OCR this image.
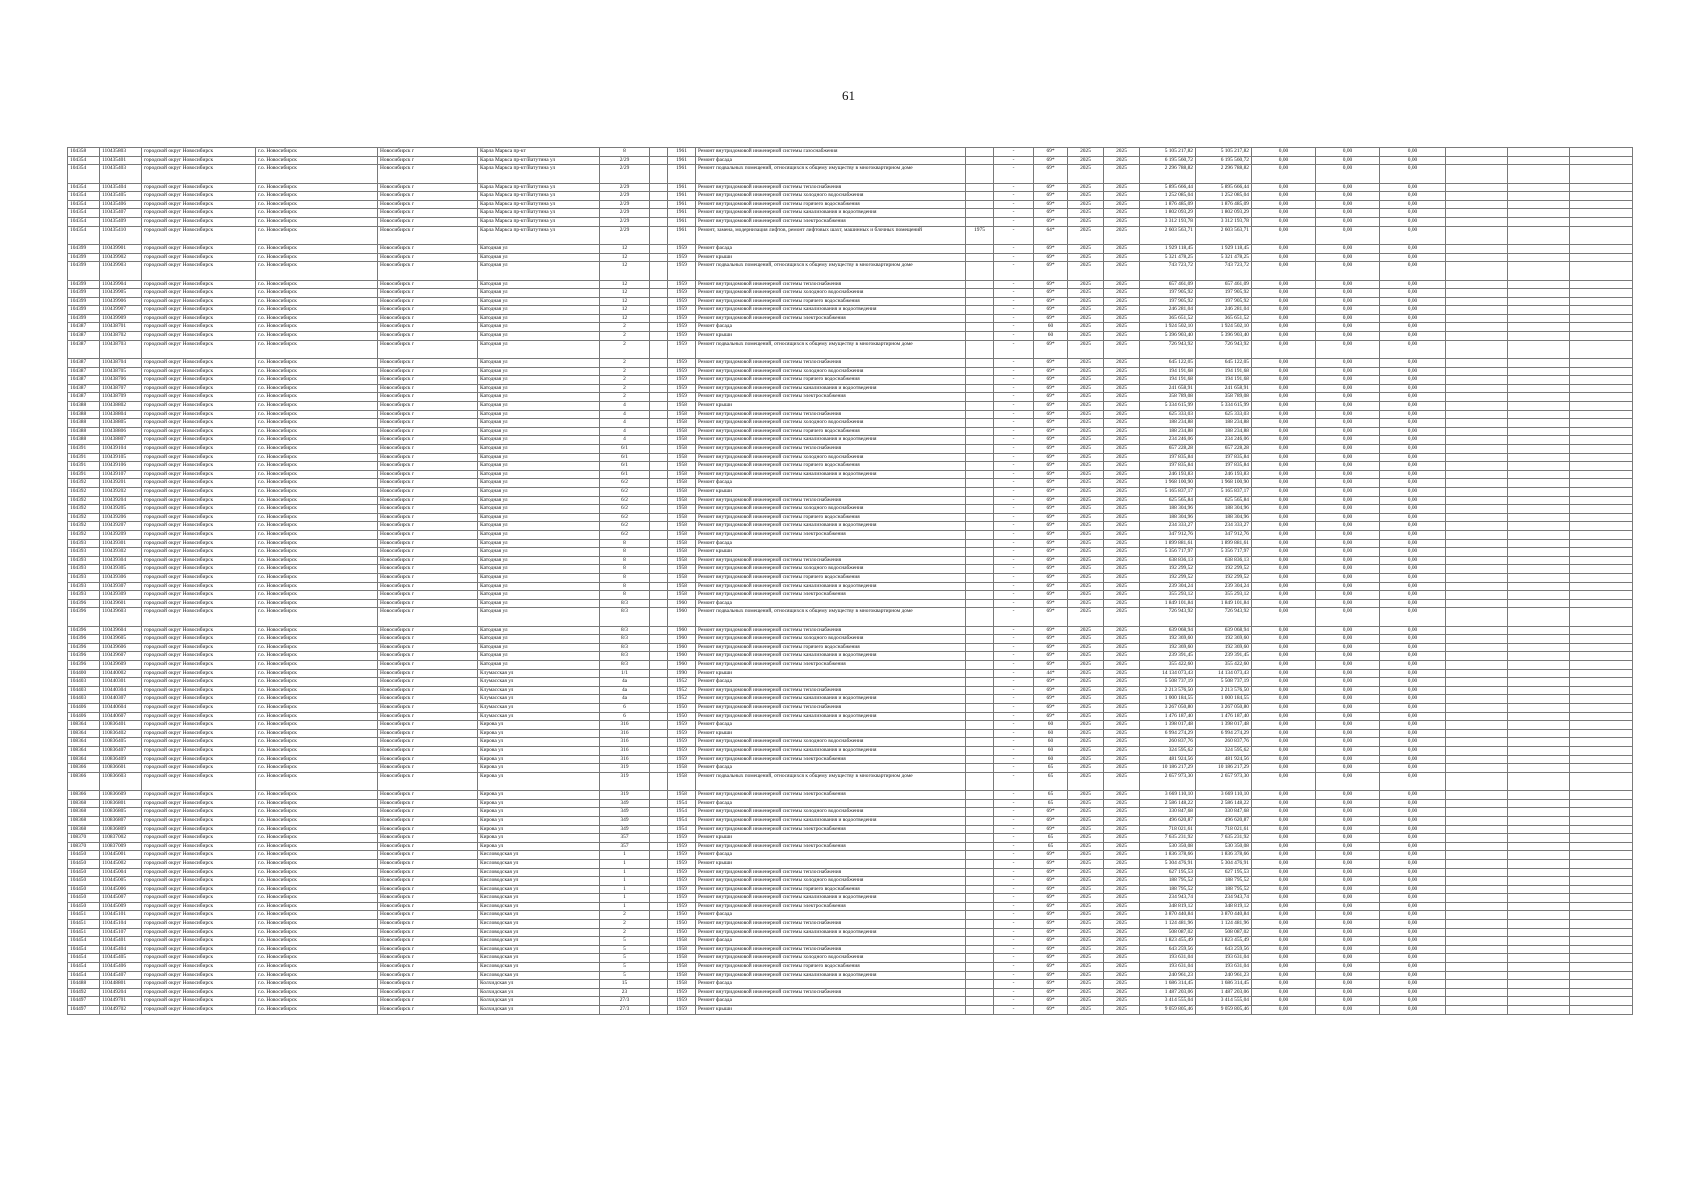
61
104358	110435803	городской округ Новосибирск	г.о. Новосибирск	Новосибирск г	Карла Маркса пр-кт	8		1961	Ремонт внутридомовой инженерной системы газоснабжения		-	69*	2025	2025	5 105 217,82	5 105 217,82	0,00	0,00	0,00			
104354	110435401	городской округ Новосибирск	г.о. Новосибирск	Новосибирск г	Карла Маркса пр-кт/Ватутина ул	2/29		1961	Ремонт фасада		-	69*	2025	2025	6 195 560,72	6 195 560,72	0,00	0,00	0,00			
104354	110435403	городской округ Новосибирск	г.о. Новосибирск	Новосибирск г	Карла Маркса пр-кт/Ватутина ул	2/29		1961	Ремонт подвальных помещений, относящихся к общему имуществу в многоквартирном доме		-	69*	2025	2025	2 296 788,82	2 296 788,82	0,00	0,00	0,00			
104354	110435404	городской округ Новосибирск	г.о. Новосибирск	Новосибирск г	Карла Маркса пр-кт/Ватутина ул	2/29		1961	Ремонт внутридомовой инженерной системы теплоснабжения		-	69*	2025	2025	5 895 666,44	5 895 666,44	0,00	0,00	0,00			
104354	110435405	городской округ Новосибирск	г.о. Новосибирск	Новосибирск г	Карла Маркса пр-кт/Ватутина ул	2/29		1961	Ремонт внутридомовой инженерной системы холодного водоснабжения		-	69*	2025	2025	1 252 085,04	1 252 085,04	0,00	0,00	0,00			
104354	110435406	городской округ Новосибирск	г.о. Новосибирск	Новосибирск г	Карла Маркса пр-кт/Ватутина ул	2/29		1961	Ремонт внутридомовой инженерной системы горячего водоснабжения		-	69*	2025	2025	1 876 485,09	1 876 485,09	0,00	0,00	0,00			
104354	110435407	городской округ Новосибирск	г.о. Новосибирск	Новосибирск г	Карла Маркса пр-кт/Ватутина ул	2/29		1961	Ремонт внутридомовой инженерной системы канализования и водоотведения		-	69*	2025	2025	1 802 093,29	1 802 093,29	0,00	0,00	0,00			
104354	110435409	городской округ Новосибирск	г.о. Новосибирск	Новосибирск г	Карла Маркса пр-кт/Ватутина ул	2/29		1961	Ремонт внутридомовой инженерной системы электроснабжения		-	69*	2025	2025	3 312 193,78	3 312 193,78	0,00	0,00	0,00			
104354	110435410	городской округ Новосибирск	г.о. Новосибирск	Новосибирск г	Карла Маркса пр-кт/Ватутина ул	2/29		1961	Ремонт, замена, модернизация лифтов, ремонт лифтовых шахт, машинных и блочных помещений	1975	-	64*	2025	2025	2 603 563,71	2 603 563,71	0,00	0,00	0,00			
104399	110439901	городской округ Новосибирск	г.о. Новосибирск	Новосибирск г	Катодная ул	12		1959	Ремонт фасада		-	69*	2025	2025	1 929 118,45	1 929 118,45	0,00	0,00	0,00			
104399	110439902	городской округ Новосибирск	г.о. Новосибирск	Новосибирск г	Катодная ул	12		1959	Ремонт крыши		-	69*	2025	2025	5 321 478,25	5 321 478,25	0,00	0,00	0,00			
104399	110439903	городской округ Новосибирск	г.о. Новосибирск	Новосибирск г	Катодная ул	12		1959	Ремонт подвальных помещений, относящихся к общему имуществу в многоквартирном доме		-	69*	2025	2025	743 723,72	743 723,72	0,00	0,00	0,00			
104399	110439904	городской округ Новосибирск	г.о. Новосибирск	Новосибирск г	Катодная ул	12		1959	Ремонт внутридомовой инженерной системы теплоснабжения		-	69*	2025	2025	657 461,09	657 461,09	0,00	0,00	0,00			
104399	110439905	городской округ Новосибирск	г.о. Новосибирск	Новосибирск г	Катодная ул	12		1959	Ремонт внутридомовой инженерной системы холодного водоснабжения		-	69*	2025	2025	197 905,92	197 905,92	0,00	0,00	0,00			
104399	110439906	городской округ Новосибирск	г.о. Новосибирск	Новосибирск г	Катодная ул	12		1959	Ремонт внутридомовой инженерной системы горячего водоснабжения		-	69*	2025	2025	197 905,92	197 905,92	0,00	0,00	0,00			
104399	110439907	городской округ Новосибирск	г.о. Новосибирск	Новосибирск г	Катодная ул	12		1959	Ремонт внутридомовой инженерной системы канализования и водоотведения		-	69*	2025	2025	246 281,04	246 281,04	0,00	0,00	0,00			
104399	110439909	городской округ Новосибирск	г.о. Новосибирск	Новосибирск г	Катодная ул	12		1959	Ремонт внутридомовой инженерной системы электроснабжения		-	69*	2025	2025	365 651,52	365 651,52	0,00	0,00	0,00			
104387	110438701	городской округ Новосибирск	г.о. Новосибирск	Новосибирск г	Катодная ул	2		1959	Ремонт фасада		-	60	2025	2025	1 924 502,10	1 924 502,10	0,00	0,00	0,00			
104387	110438702	городской округ Новосибирск	г.о. Новосибирск	Новосибирск г	Катодная ул	2		1959	Ремонт крыши		-	60	2025	2025	5 396 903,40	5 396 903,40	0,00	0,00	0,00			
104387	110438703	городской округ Новосибирск	г.о. Новосибирск	Новосибирск г	Катодная ул	2		1959	Ремонт подвальных помещений, относящихся к общему имуществу в многоквартирном доме		-	69*	2025	2025	726 943,92	726 943,92	0,00	0,00	0,00			
104387	110438704	городской округ Новосибирск	г.о. Новосибирск	Новосибирск г	Катодная ул	2		1959	Ремонт внутридомовой инженерной системы теплоснабжения		-	69*	2025	2025	645 122,05	645 122,05	0,00	0,00	0,00			
104387	110438705	городской округ Новосибирск	г.о. Новосибирск	Новосибирск г	Катодная ул	2		1959	Ремонт внутридомовой инженерной системы холодного водоснабжения		-	69*	2025	2025	194 191,68	194 191,68	0,00	0,00	0,00			
104387	110438706	городской округ Новосибирск	г.о. Новосибирск	Новосибирск г	Катодная ул	2		1959	Ремонт внутридомовой инженерной системы горячего водоснабжения		-	69*	2025	2025	194 191,68	194 191,68	0,00	0,00	0,00			
104387	110438707	городской округ Новосибирск	г.о. Новосибирск	Новосибирск г	Катодная ул	2		1959	Ремонт внутридомовой инженерной системы канализования и водоотведения		-	69*	2025	2025	241 658,91	241 658,91	0,00	0,00	0,00			
104387	110438709	городской округ Новосибирск	г.о. Новосибирск	Новосибирск г	Катодная ул	2		1959	Ремонт внутридомовой инженерной системы электроснабжения		-	69*	2025	2025	358 789,08	358 789,08	0,00	0,00	0,00			
104388	110438802	городской округ Новосибирск	г.о. Новосибирск	Новосибирск г	Катодная ул	4		1958	Ремонт крыши		-	69*	2025	2025	5 334 615,99	5 334 615,99	0,00	0,00	0,00			
104388	110438804	городской округ Новосибирск	г.о. Новосибирск	Новосибирск г	Катодная ул	4		1958	Ремонт внутридомовой инженерной системы теплоснабжения		-	69*	2025	2025	625 333,03	625 333,03	0,00	0,00	0,00			
104388	110438805	городской округ Новосибирск	г.о. Новосибирск	Новосибирск г	Катодная ул	4		1958	Ремонт внутридомовой инженерной системы холодного водоснабжения		-	69*	2025	2025	188 234,88	188 234,88	0,00	0,00	0,00			
104388	110438806	городской округ Новосибирск	г.о. Новосибирск	Новосибирск г	Катодная ул	4		1958	Ремонт внутридомовой инженерной системы горячего водоснабжения		-	69*	2025	2025	188 234,88	188 234,88	0,00	0,00	0,00			
104388	110438807	городской округ Новосибирск	г.о. Новосибирск	Новосибирск г	Катодная ул	4		1958	Ремонт внутридомовой инженерной системы канализования и водоотведения		-	69*	2025	2025	234 246,06	234 246,06	0,00	0,00	0,00			
104391	110439104	городской округ Новосибирск	г.о. Новосибирск	Новосибирск г	Катодная ул	6/1		1958	Ремонт внутридомовой инженерной системы теплоснабжения		-	69*	2025	2025	657 228,28	657 228,28	0,00	0,00	0,00			
104391	110439105	городской округ Новосибирск	г.о. Новосибирск	Новосибирск г	Катодная ул	6/1		1958	Ремонт внутридомовой инженерной системы холодного водоснабжения		-	69*	2025	2025	197 835,84	197 835,84	0,00	0,00	0,00			
104391	110439106	городской округ Новосибирск	г.о. Новосибирск	Новосибирск г	Катодная ул	6/1		1958	Ремонт внутридомовой инженерной системы горячего водоснабжения		-	69*	2025	2025	197 835,84	197 835,84	0,00	0,00	0,00			
104391	110439107	городской округ Новосибирск	г.о. Новосибирск	Новосибирск г	Катодная ул	6/1		1958	Ремонт внутридомовой инженерной системы канализования и водоотведения		-	69*	2025	2025	246 193,83	246 193,83	0,00	0,00	0,00			
104392	110439201	городской округ Новосибирск	г.о. Новосибирск	Новосибирск г	Катодная ул	6/2		1958	Ремонт фасада		-	69*	2025	2025	1 968 100,90	1 968 100,90	0,00	0,00	0,00			
104392	110439202	городской округ Новосибирск	г.о. Новосибирск	Новосибирск г	Катодная ул	6/2		1958	Ремонт крыши		-	69*	2025	2025	5 165 837,17	5 165 837,17	0,00	0,00	0,00			
104392	110439204	городской округ Новосибирск	г.о. Новосибирск	Новосибирск г	Катодная ул	6/2		1958	Ремонт внутридомовой инженерной системы теплоснабжения		-	69*	2025	2025	625 565,84	625 565,84	0,00	0,00	0,00			
104392	110439205	городской округ Новосибирск	г.о. Новосибирск	Новосибирск г	Катодная ул	6/2		1958	Ремонт внутридомовой инженерной системы холодного водоснабжения		-	69*	2025	2025	188 304,96	188 304,96	0,00	0,00	0,00			
104392	110439206	городской округ Новосибирск	г.о. Новосибирск	Новосибирск г	Катодная ул	6/2		1958	Ремонт внутридомовой инженерной системы горячего водоснабжения		-	69*	2025	2025	188 304,96	188 304,96	0,00	0,00	0,00			
104392	110439207	городской округ Новосибирск	г.о. Новосибирск	Новосибирск г	Катодная ул	6/2		1958	Ремонт внутридомовой инженерной системы канализования и водоотведения		-	69*	2025	2025	234 333,27	234 333,27	0,00	0,00	0,00			
104392	110439209	городской округ Новосибирск	г.о. Новосибирск	Новосибирск г	Катодная ул	6/2		1958	Ремонт внутридомовой инженерной системы электроснабжения		-	69*	2025	2025	347 912,76	347 912,76	0,00	0,00	0,00			
104393	110439301	городской округ Новосибирск	г.о. Новосибирск	Новосибирск г	Катодная ул	8		1958	Ремонт фасада		-	69*	2025	2025	1 899 881,61	1 899 881,61	0,00	0,00	0,00			
104393	110439302	городской округ Новосибирск	г.о. Новосибирск	Новосибирск г	Катодная ул	8		1958	Ремонт крыши		-	69*	2025	2025	5 356 717,97	5 356 717,97	0,00	0,00	0,00			
104393	110439304	городской округ Новосибирск	г.о. Новосибирск	Новосибирск г	Катодная ул	8		1958	Ремонт внутридомовой инженерной системы теплоснабжения		-	69*	2025	2025	638 836,13	638 836,13	0,00	0,00	0,00			
104393	110439305	городской округ Новосибирск	г.о. Новосибирск	Новосибирск г	Катодная ул	8		1958	Ремонт внутридомовой инженерной системы холодного водоснабжения		-	69*	2025	2025	192 299,52	192 299,52	0,00	0,00	0,00			
104393	110439306	городской округ Новосибирск	г.о. Новосибирск	Новосибирск г	Катодная ул	8		1958	Ремонт внутридомовой инженерной системы горячего водоснабжения		-	69*	2025	2025	192 299,52	192 299,52	0,00	0,00	0,00			
104393	110439307	городской округ Новосибирск	г.о. Новосибирск	Новосибирск г	Катодная ул	8		1958	Ремонт внутридомовой инженерной системы канализования и водоотведения		-	69*	2025	2025	239 304,24	239 304,24	0,00	0,00	0,00			
104393	110439309	городской округ Новосибирск	г.о. Новосибирск	Новосибирск г	Катодная ул	8		1958	Ремонт внутридомовой инженерной системы электроснабжения		-	69*	2025	2025	355 293,12	355 293,12	0,00	0,00	0,00			
104396	110439601	городской округ Новосибирск	г.о. Новосибирск	Новосибирск г	Катодная ул	8/3		1960	Ремонт фасада		-	69*	2025	2025	1 849 101,84	1 849 101,84	0,00	0,00	0,00			
104396	110439603	городской округ Новосибирск	г.о. Новосибирск	Новосибирск г	Катодная ул	8/3		1960	Ремонт подвальных помещений, относящихся к общему имуществу в многоквартирном доме		-	69*	2025	2025	726 943,92	726 943,92	0,00	0,00	0,00			
104396	110439604	городской округ Новосибирск	г.о. Новосибирск	Новосибирск г	Катодная ул	8/3		1960	Ремонт внутридомовой инженерной системы теплоснабжения		-	69*	2025	2025	639 068,94	639 068,94	0,00	0,00	0,00			
104396	110439605	городской округ Новосибирск	г.о. Новосибирск	Новосибирск г	Катодная ул	8/3		1960	Ремонт внутридомовой инженерной системы холодного водоснабжения		-	69*	2025	2025	192 369,60	192 369,60	0,00	0,00	0,00			
104396	110439606	городской округ Новосибирск	г.о. Новосибирск	Новосибирск г	Катодная ул	8/3		1960	Ремонт внутридомовой инженерной системы горячего водоснабжения		-	69*	2025	2025	192 369,60	192 369,60	0,00	0,00	0,00			
104396	110439607	городской округ Новосибирск	г.о. Новосибирск	Новосибирск г	Катодная ул	8/3		1960	Ремонт внутридомовой инженерной системы канализования и водоотведения		-	69*	2025	2025	239 391,45	239 391,45	0,00	0,00	0,00			
104396	110439609	городской округ Новосибирск	г.о. Новосибирск	Новосибирск г	Катодная ул	8/3		1960	Ремонт внутридомовой инженерной системы электроснабжения		-	69*	2025	2025	355 422,60	355 422,60	0,00	0,00	0,00			
104400	110440002	городской округ Новосибирск	г.о. Новосибирск	Новосибирск г	Клумасская ул	1/1		1990	Ремонт крыши		-	44*	2025	2025	14 134 073,43	14 134 073,43	0,00	0,00	0,00			
104403	110440301	городской округ Новосибирск	г.о. Новосибирск	Новосибирск г	Клумасская ул	4а		1952	Ремонт фасада		-	69*	2025	2025	5 508 737,19	5 508 737,19	0,00	0,00	0,00			
104403	110440304	городской округ Новосибирск	г.о. Новосибирск	Новосибирск г	Клумасская ул	4а		1952	Ремонт внутридомовой инженерной системы теплоснабжения		-	69*	2025	2025	2 213 576,50	2 213 576,50	0,00	0,00	0,00			
104403	110440307	городской округ Новосибирск	г.о. Новосибирск	Новосибирск г	Клумасская ул	4а		1952	Ремонт внутридомовой инженерной системы канализования и водоотведения		-	69*	2025	2025	1 000 184,55	1 000 184,55	0,00	0,00	0,00			
104406	110440604	городской округ Новосибирск	г.о. Новосибирск	Новосибирск г	Клумасская ул	6		1950	Ремонт внутридомовой инженерной системы теплоснабжения		-	69*	2025	2025	3 267 050,80	3 267 050,80	0,00	0,00	0,00			
104406	110440607	городской округ Новосибирск	г.о. Новосибирск	Новосибирск г	Клумасская ул	6		1950	Ремонт внутридомовой инженерной системы канализования и водоотведения		-	69*	2025	2025	1 476 187,40	1 476 187,40	0,00	0,00	0,00			
108364	110836401	городской округ Новосибирск	г.о. Новосибирск	Новосибирск г	Кирова ул	316		1959	Ремонт фасада		-	60	2025	2025	1 398 017,48	1 398 017,48	0,00	0,00	0,00			
108364	110836402	городской округ Новосибирск	г.о. Новосибирск	Новосибирск г	Кирова ул	316		1959	Ремонт крыши		-	60	2025	2025	6 994 274,29	6 994 274,29	0,00	0,00	0,00			
108364	110836405	городской округ Новосибирск	г.о. Новосибирск	Новосибирск г	Кирова ул	316		1959	Ремонт внутридомовой инженерной системы холодного водоснабжения		-	60	2025	2025	260 837,76	260 837,76	0,00	0,00	0,00			
108364	110836407	городской округ Новосибирск	г.о. Новосибирск	Новосибирск г	Кирова ул	316		1959	Ремонт внутридомовой инженерной системы канализования и водоотведения		-	60	2025	2025	324 595,62	324 595,62	0,00	0,00	0,00			
108364	110836409	городской округ Новосибирск	г.о. Новосибирск	Новосибирск г	Кирова ул	316		1959	Ремонт внутридомовой инженерной системы электроснабжения		-	60	2025	2025	481 924,56	481 924,56	0,00	0,00	0,00			
108366	110836601	городской округ Новосибирск	г.о. Новосибирск	Новосибирск г	Кирова ул	319		1958	Ремонт фасада		-	65	2025	2025	10 186 217,29	10 186 217,29	0,00	0,00	0,00			
108366	110836603	городской округ Новосибирск	г.о. Новосибирск	Новосибирск г	Кирова ул	319		1958	Ремонт подвальных помещений, относящихся к общему имуществу в многоквартирном доме		-	65	2025	2025	2 657 973,30	2 657 973,30	0,00	0,00	0,00			
108366	110836609	городской округ Новосибирск	г.о. Новосибирск	Новосибирск г	Кирова ул	319		1958	Ремонт внутридомовой инженерной системы электроснабжения		-	65	2025	2025	3 669 110,10	3 669 110,10	0,00	0,00	0,00			
108368	110836801	городской округ Новосибирск	г.о. Новосибирск	Новосибирск г	Кирова ул	349		1954	Ремонт фасада		-	65	2025	2025	2 586 148,22	2 586 148,22	0,00	0,00	0,00			
108368	110836805	городской округ Новосибирск	г.о. Новосибирск	Новосибирск г	Кирова ул	349		1954	Ремонт внутридомовой инженерной системы холодного водоснабжения		-	69*	2025	2025	330 847,68	330 847,68	0,00	0,00	0,00			
108368	110836807	городской округ Новосибирск	г.о. Новосибирск	Новосибирск г	Кирова ул	349		1954	Ремонт внутридомовой инженерной системы канализования и водоотведения		-	69*	2025	2025	496 620,87	496 620,87	0,00	0,00	0,00			
108368	110836809	городской округ Новосибирск	г.о. Новосибирск	Новосибирск г	Кирова ул	349		1954	Ремонт внутридомовой инженерной системы электроснабжения		-	69*	2025	2025	718 021,61	718 021,61	0,00	0,00	0,00			
108370	110837002	городской округ Новосибирск	г.о. Новосибирск	Новосибирск г	Кирова ул	357		1959	Ремонт крыши		-	65	2025	2025	7 635 231,92	7 635 231,92	0,00	0,00	0,00			
108370	110837009	городской округ Новосибирск	г.о. Новосибирск	Новосибирск г	Кирова ул	357		1959	Ремонт внутридомовой инженерной системы электроснабжения		-	65	2025	2025	530 350,08	530 350,08	0,00	0,00	0,00			
104450	110445001	городской округ Новосибирск	г.о. Новосибирск	Новосибирск г	Кисловодская ул	1		1959	Ремонт фасада		-	69*	2025	2025	1 836 378,66	1 836 378,66	0,00	0,00	0,00			
104450	110445002	городской округ Новосибирск	г.о. Новосибирск	Новосибирск г	Кисловодская ул	1		1959	Ремонт крыши		-	69*	2025	2025	5 304 476,91	5 304 476,91	0,00	0,00	0,00			
104450	110445004	городской округ Новосибирск	г.о. Новосибирск	Новосибирск г	Кисловодская ул	1		1959	Ремонт внутридомовой инженерной системы теплоснабжения		-	69*	2025	2025	627 195,53	627 195,53	0,00	0,00	0,00			
104450	110445005	городской округ Новосибирск	г.о. Новосибирск	Новосибирск г	Кисловодская ул	1		1959	Ремонт внутридомовой инженерной системы холодного водоснабжения		-	69*	2025	2025	188 795,52	188 795,52	0,00	0,00	0,00			
104450	110445006	городской округ Новосибирск	г.о. Новосибирск	Новосибирск г	Кисловодская ул	1		1959	Ремонт внутридомовой инженерной системы горячего водоснабжения		-	69*	2025	2025	188 795,52	188 795,52	0,00	0,00	0,00			
104450	110445007	городской округ Новосибирск	г.о. Новосибирск	Новосибирск г	Кисловодская ул	1		1959	Ремонт внутридомовой инженерной системы канализования и водоотведения		-	69*	2025	2025	234 943,74	234 943,74	0,00	0,00	0,00			
104450	110445009	городской округ Новосибирск	г.о. Новосибирск	Новосибирск г	Кисловодская ул	1		1959	Ремонт внутридомовой инженерной системы электроснабжения		-	69*	2025	2025	348 819,12	348 819,12	0,00	0,00	0,00			
104451	110445101	городской округ Новосибирск	г.о. Новосибирск	Новосибирск г	Кисловодская ул	2		1950	Ремонт фасада		-	69*	2025	2025	3 870 440,84	3 870 440,84	0,00	0,00	0,00			
104451	110445104	городской округ Новосибирск	г.о. Новосибирск	Новосибирск г	Кисловодская ул	2		1950	Ремонт внутридомовой инженерной системы теплоснабжения		-	69*	2025	2025	1 124 481,96	1 124 481,96	0,00	0,00	0,00			
104451	110445107	городской округ Новосибирск	г.о. Новосибирск	Новосибирск г	Кисловодская ул	2		1950	Ремонт внутридомовой инженерной системы канализования и водоотведения		-	69*	2025	2025	508 087,02	508 087,02	0,00	0,00	0,00			
104454	110445401	городской округ Новосибирск	г.о. Новосибирск	Новосибирск г	Кисловодская ул	5		1958	Ремонт фасада		-	69*	2025	2025	1 823 455,49	1 823 455,49	0,00	0,00	0,00			
104454	110445404	городской округ Новосибирск	г.о. Новосибирск	Новосибирск г	Кисловодская ул	5		1958	Ремонт внутридомовой инженерной системы теплоснабжения		-	69*	2025	2025	643 259,56	643 259,56	0,00	0,00	0,00			
104454	110445405	городской округ Новосибирск	г.о. Новосибирск	Новосибирск г	Кисловодская ул	5		1958	Ремонт внутридомовой инженерной системы холодного водоснабжения		-	69*	2025	2025	193 631,04	193 631,04	0,00	0,00	0,00			
104454	110445406	городской округ Новосибирск	г.о. Новосибирск	Новосибирск г	Кисловодская ул	5		1958	Ремонт внутридомовой инженерной системы горячего водоснабжения		-	69*	2025	2025	193 631,04	193 631,04	0,00	0,00	0,00			
104454	110445407	городской округ Новосибирск	г.о. Новосибирск	Новосибирск г	Кисловодская ул	5		1958	Ремонт внутридомовой инженерной системы канализования и водоотведения		-	69*	2025	2025	240 961,23	240 961,23	0,00	0,00	0,00			
104488	110448801	городской округ Новосибирск	г.о. Новосибирск	Новосибирск г	Колхидская ул	15		1958	Ремонт фасада		-	69*	2025	2025	1 686 314,45	1 686 314,45	0,00	0,00	0,00			
104492	110449204	городской округ Новосибирск	г.о. Новосибирск	Новосибирск г	Колхидская ул	23		1959	Ремонт внутридомовой инженерной системы теплоснабжения		-	69*	2025	2025	1 487 203,06	1 487 203,06	0,00	0,00	0,00			
104497	110449701	городской округ Новосибирск	г.о. Новосибирск	Новосибирск г	Колхидская ул	27/3		1959	Ремонт фасада		-	69*	2025	2025	3 414 555,04	3 414 555,04	0,00	0,00	0,00			
104497	110449702	городской округ Новосибирск	г.о. Новосибирск	Новосибирск г	Колхидская ул	27/3		1959	Ремонт крыши		-	69*	2025	2025	9 059 805,46	9 059 805,46	0,00	0,00	0,00			
